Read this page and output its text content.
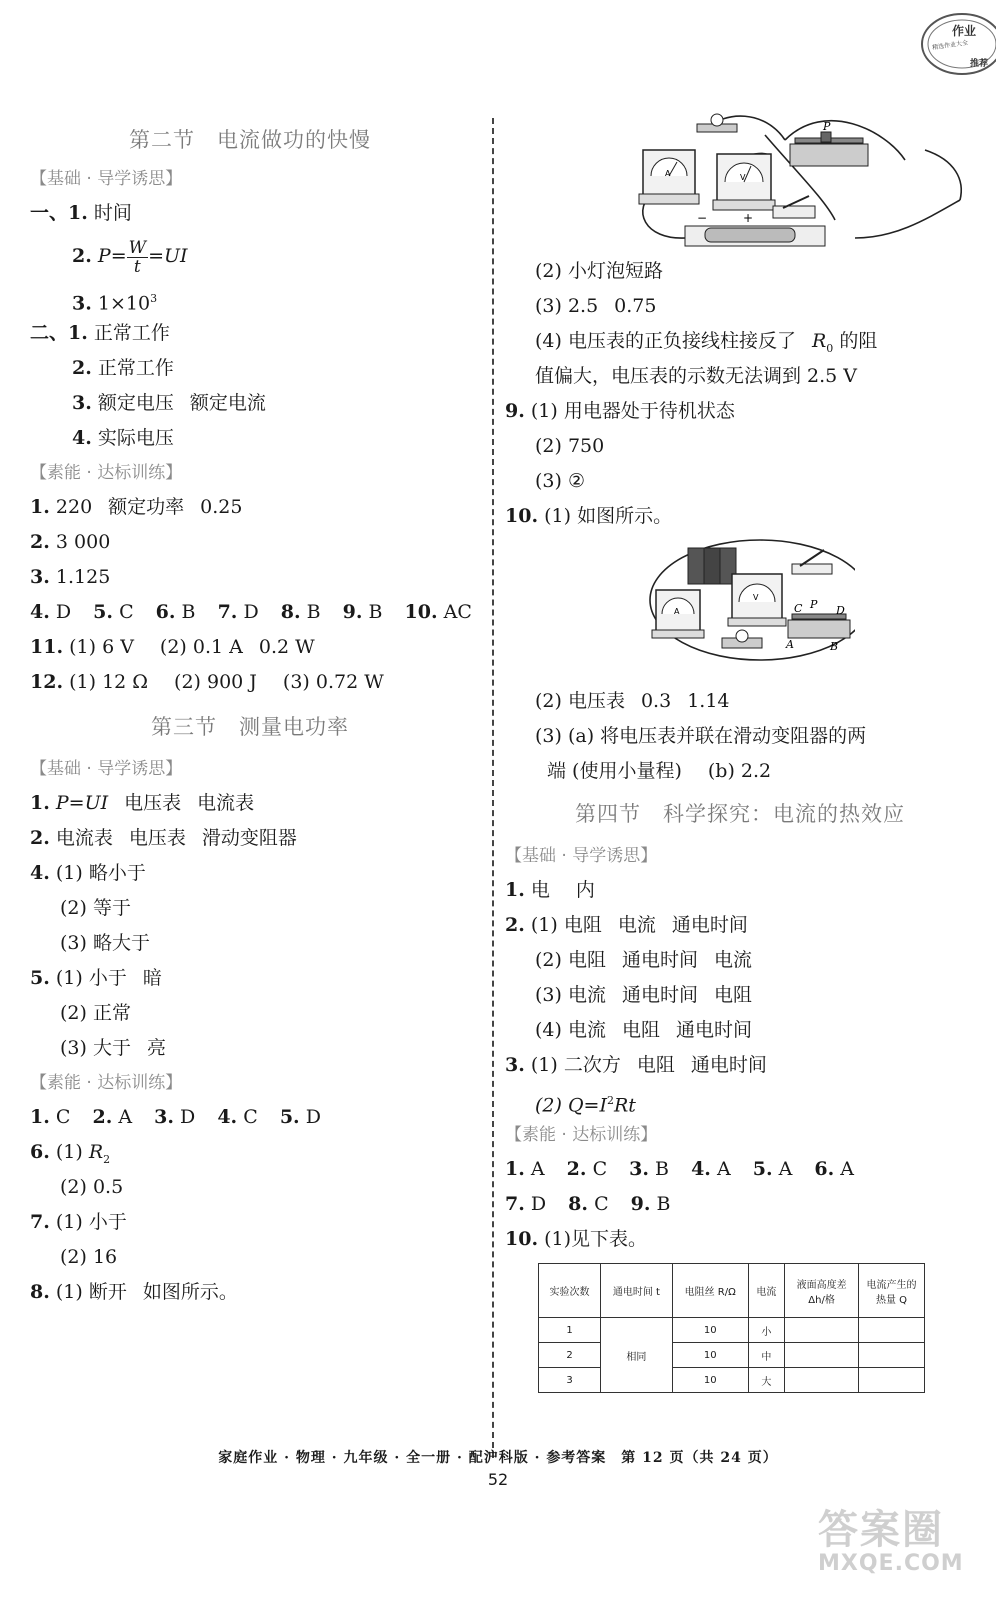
作业
精选作业大全
推荐
第二节　电流做功的快慢
【基础 · 导学诱思】
一、1. 时间
2. $P= \frac{W}{t} =UI$
3. $1\times 10^3$
二、1. 正常工作
2. 正常工作
3. 额定电压 额定电流
4. 实际电压
【素能 · 达标训练】
1. 220 额定功率 0.25
2. 3 000
3. 1.125
4. D 5. C 6. B 7. D 8. B 9. B 10. AC
11. (1) 6 V (2) 0.1 A 0.2 W
12. (1) 12 Ω (2) 900 J (3) 0.72 W
第三节　测量电功率
【基础 · 导学诱思】
1. P=UI 电压表 电流表
2. 电流表 电压表 滑动变阻器
4. (1) 略小于
(2) 等于
(3) 略大于
5. (1) 小于 暗
(2) 正常
(3) 大于 亮
【素能 · 达标训练】
1. C 2. A 3. D 4. C 5. D
6. (1) $R_2$
(2) 0.5
7. (1) 小于
(2) 16
8. (1) 断开 如图所示。
P
A	V
−	+
(2) 小灯泡短路
(3) 2.5 0.75
(4) 电压表的正负接线柱接反了 $R_0$ 的阻
值偏大，电压表的示数无法调到 2.5 V
9. (1) 用电器处于待机状态
(2) 750
(3) ②
10. (1) 如图所示。
(2) 电压表 0.3 1.14
(3) (a) 将电压表并联在滑动变阻器的两
端 (使用小量程) (b) 2.2
第四节　科学探究：电流的热效应
【基础 · 导学诱思】
1. 电 内
2. (1) 电阻 电流 通电时间
(2) 电阻 通电时间 电流
(3) 电流 通电时间 电阻
(4) 电流 电阻 通电时间
3. (1) 二次方 电阻 通电时间
(2) $Q=I^2Rt$
【素能 · 达标训练】
1. A 2. C 3. B 4. A 5. A 6. A
7. D 8. C 9. B
10. (1)见下表。
C P D
A	B
A
V
实验次数	通电时间 t	电阻丝 R/Ω	电流	液面高度差 Δh/格	电流产生的热量 Q
1	相同	10	小		
2		10	中		
3		10	大		
家庭作业 · 物理 · 九年级 · 全一册 · 配沪科版 · 参考答案　第 12 页（共 24 页）
52
答案圈
MXQE.COM
